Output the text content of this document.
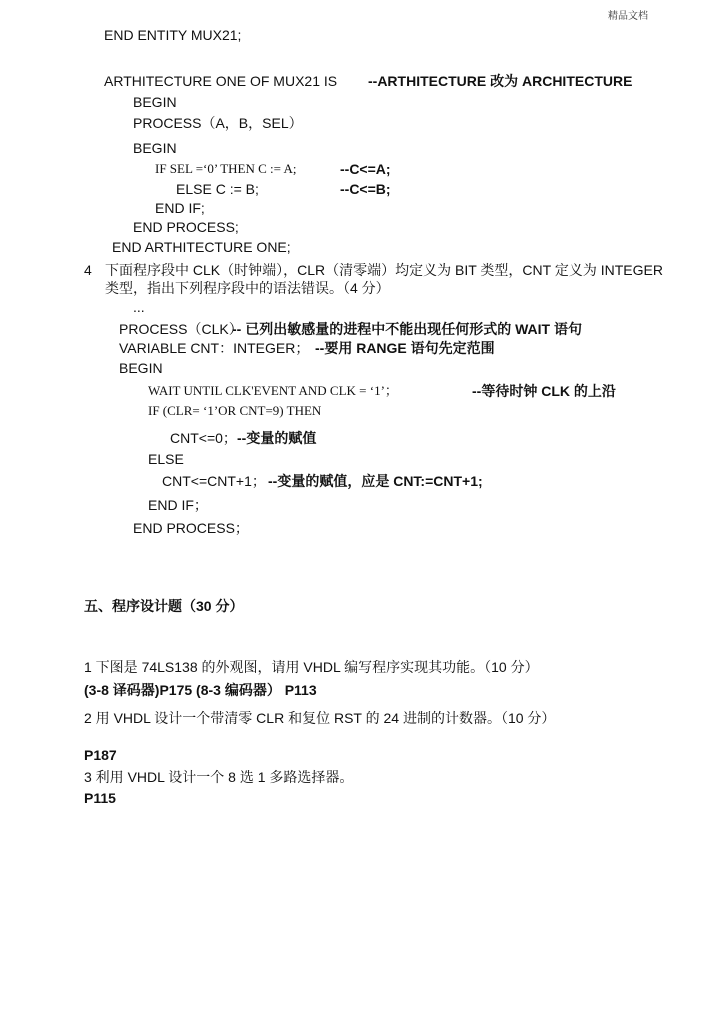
精品文档
END ENTITY MUX21;
ARTHITECTURE ONE OF MUX21 IS --ARTHITECTURE 改为 ARCHITECTURE
BEGIN
PROCESS（A，B，SEL）
BEGIN
IF SEL =‘0’ THEN C := A;	--C<=A;
ELSE C := B;	--C<=B;
END IF;
END PROCESS;
END ARTHITECTURE ONE;
4 下面程序段中 CLK（时钟端），CLR（清零端）均定义为 BIT 类型，CNT 定义为 INTEGER
类型，指出下列程序段中的语法错误。（4 分）
...
PROCESS（CLK）
-- 已列出敏感量的进程中不能出现任何形式的 WAIT 语句
VARIABLE CNT：INTEGER； --要用 RANGE 语句先定范围
BEGIN
WAIT UNTIL CLK'EVENT AND CLK = ‘1’；	--等待时钟 CLK 的上沿
IF (CLR= ‘1’OR CNT=9) THEN
CNT<=0； --变量的赋值
ELSE
CNT<=CNT+1； --变量的赋值，应是 CNT:=CNT+1;
END IF；
END PROCESS；
五、程序设计题（30 分）
1 下图是 74LS138 的外观图，请用 VHDL 编写程序实现其功能。（10 分）
(3-8 译码器)P175 (8-3 编码器） P113
2 用 VHDL 设计一个带清零 CLR 和复位 RST 的 24 进制的计数器。（10 分）
P187
3 利用 VHDL 设计一个 8 选 1 多路选择器。
P115
